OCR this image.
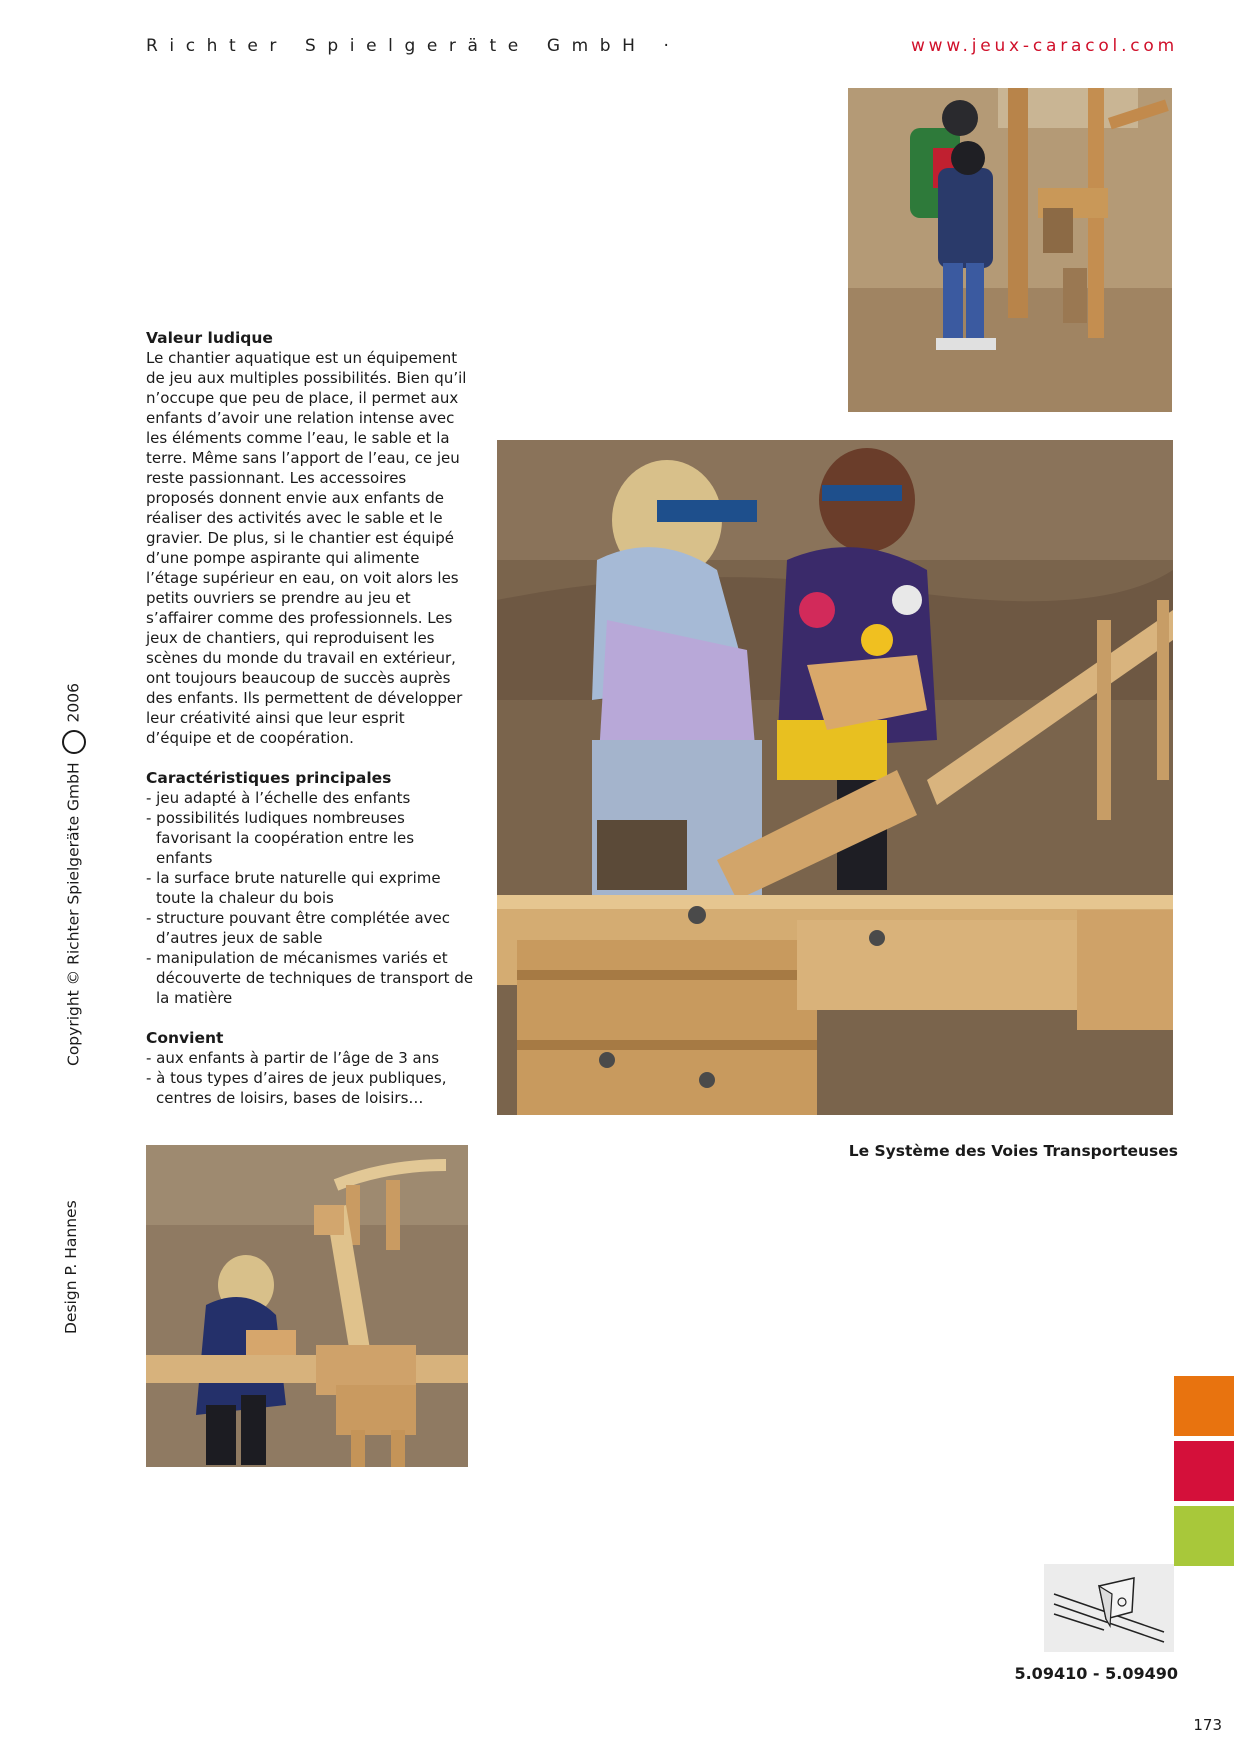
Richter Spielgeräte GmbH ·	www.jeux-caracol.com
Valeur ludique

Le chantier aquatique est un équipement de jeu aux multiples possibilités. Bien qu’il n’occupe que peu de place, il permet aux enfants d’avoir une relation intense avec les éléments comme l’eau, le sable et la terre. Même sans l’apport de l’eau, ce jeu reste passionnant. Les accessoires proposés donnent envie aux enfants de réaliser des activités avec le sable et le gravier. De plus, si le chantier est équipé d’une pompe aspirante qui alimente l’étage supérieur en eau, on voit alors les petits ouvriers se prendre au jeu et s’affairer comme des professionnels. Les jeux de chantiers, qui reproduisent les scènes du monde du travail en extérieur, ont toujours beaucoup de succès auprès des enfants. Ils permettent de développer leur créativité ainsi que leur esprit d’équipe et de coopération.

Caractéristiques principales
- jeu adapté à l’échelle des enfants
- possibilités ludiques nombreuses favorisant la coopération entre les enfants
- la surface brute naturelle qui exprime toute la chaleur du bois
- structure pouvant être complétée avec d’autres jeux de sable
- manipulation de mécanismes variés et découverte de techniques de transport de la matière
Convient
- aux enfants à partir de l’âge de 3 ans
- à tous types d’aires de jeux publiques, centres de loisirs, bases de loisirs…
Copyright © Richter Spielgeräte GmbH  2006
Design P. Hannes
Le Système des Voies Transporteuses
5.09410 - 5.09490
173
